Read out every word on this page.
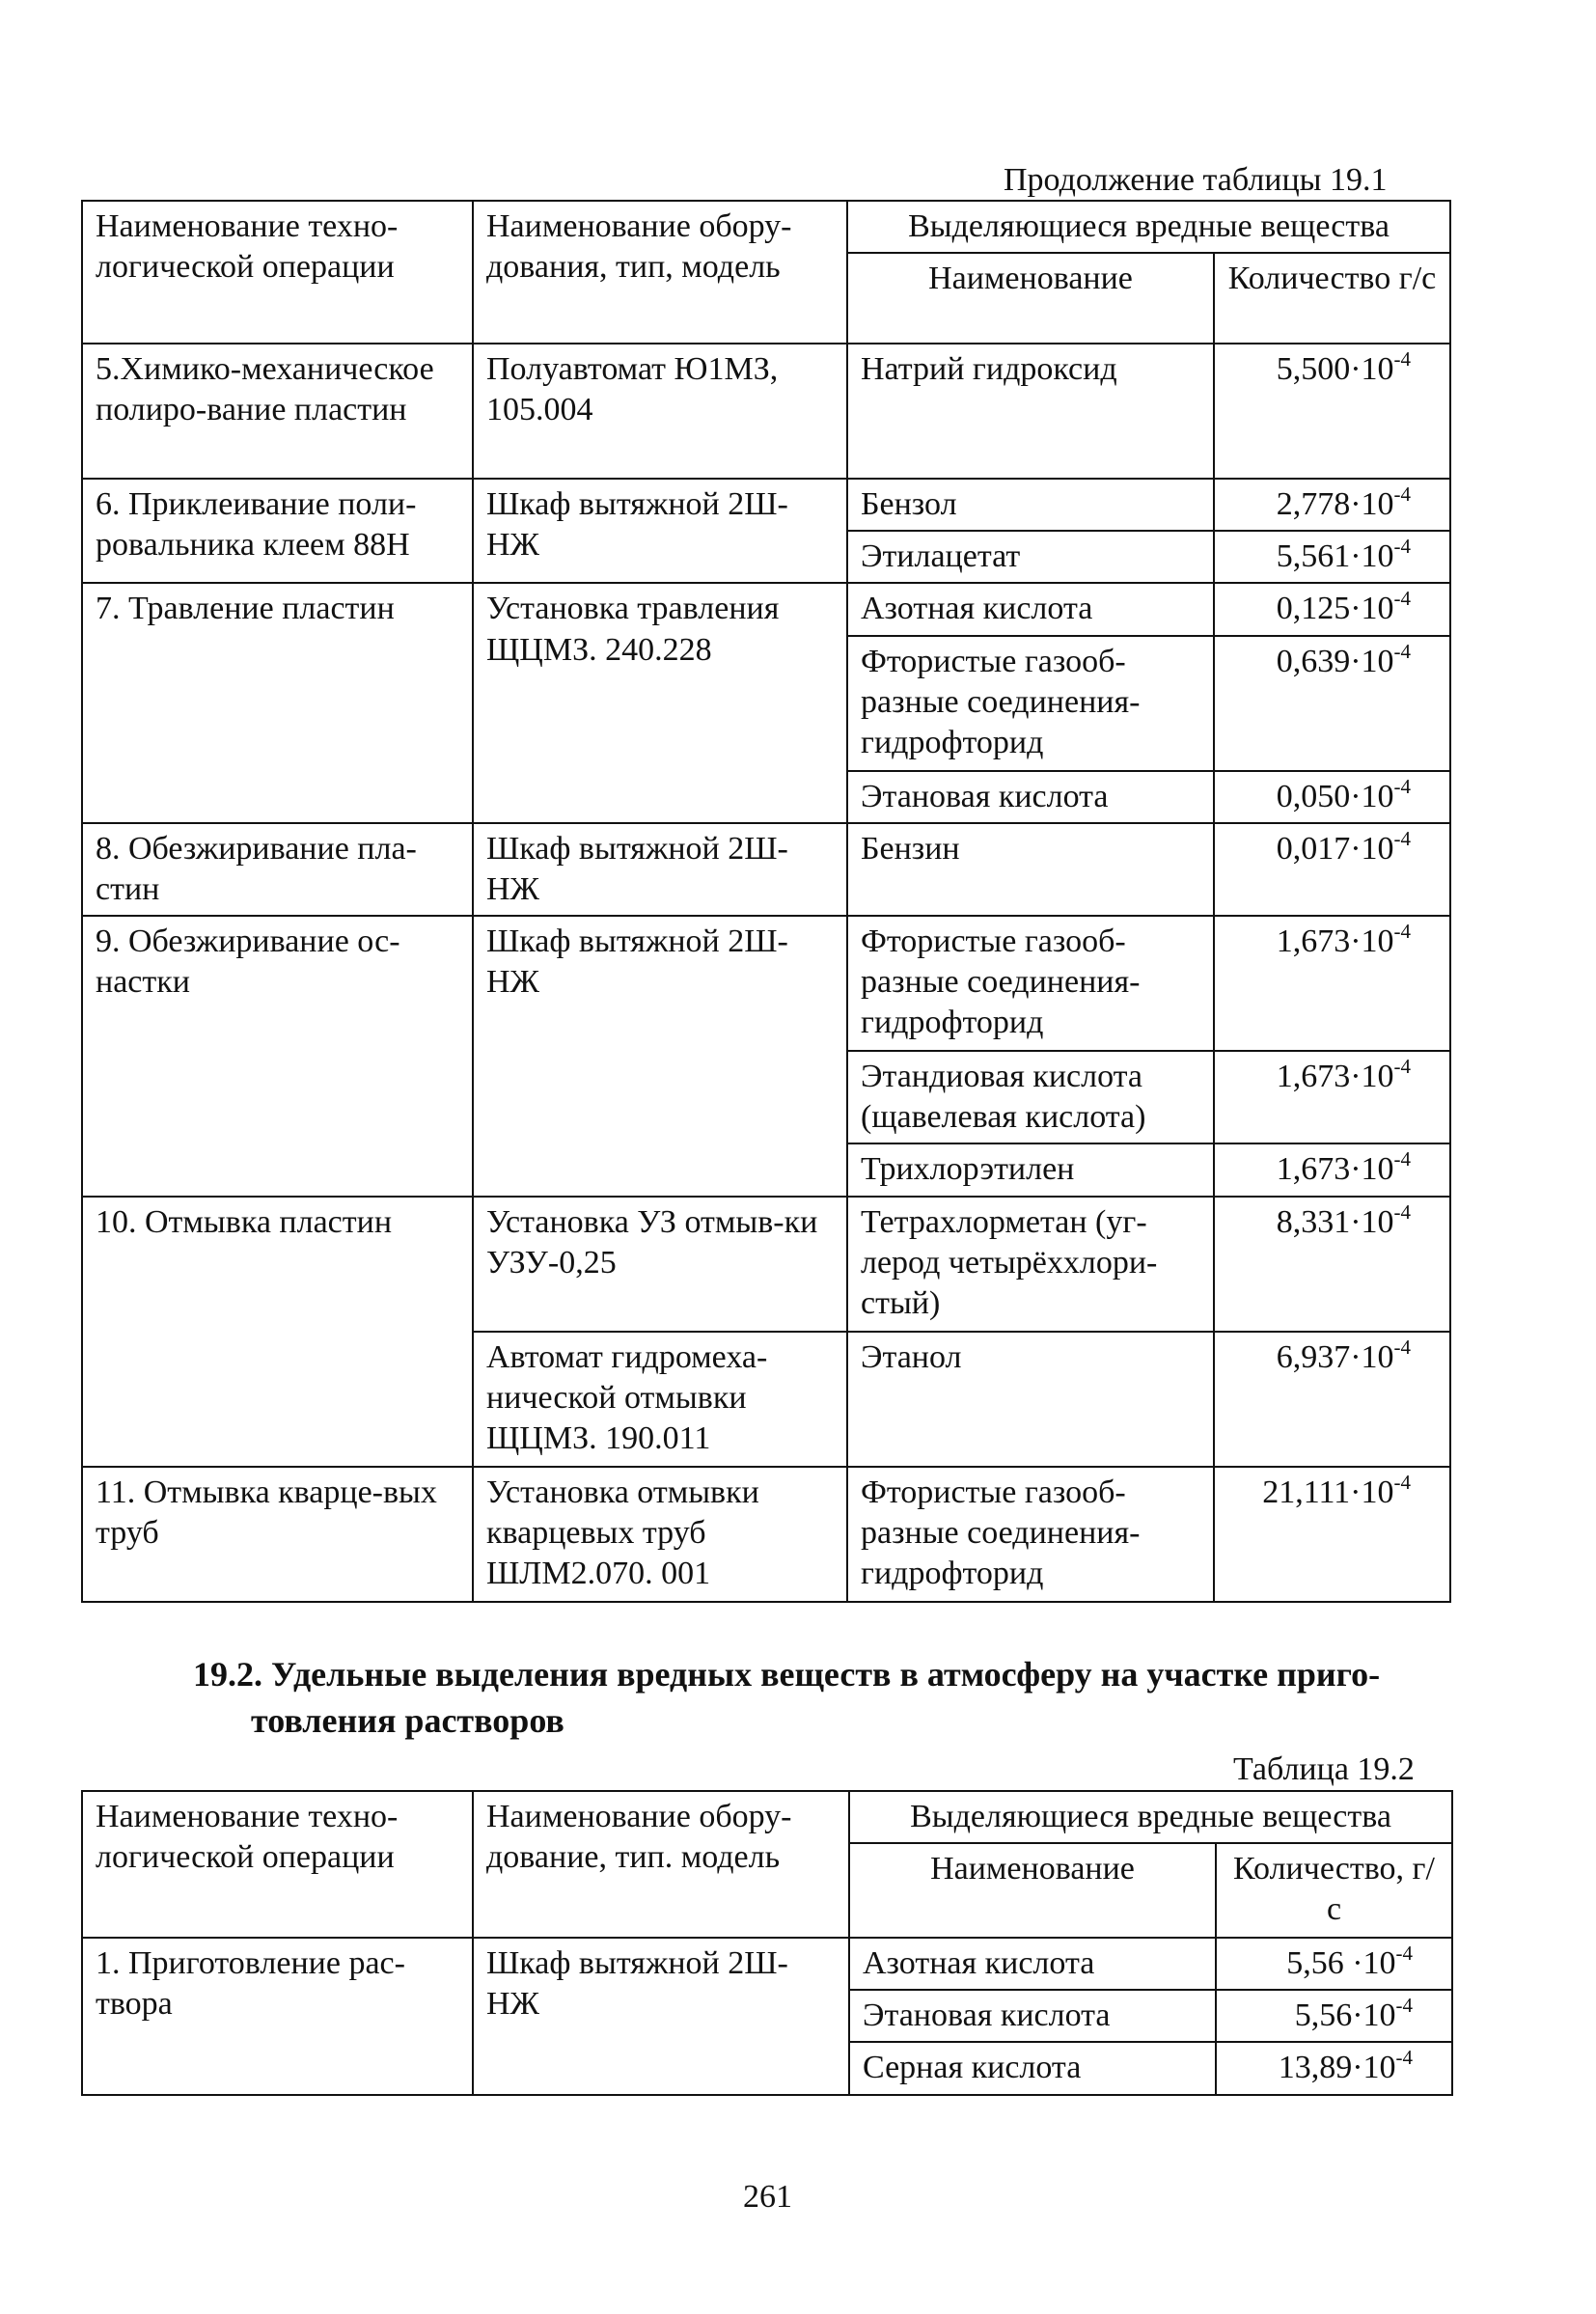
Продолжение таблицы 19.1
Наименование техно-логической операции	Наименование обору-дования, тип, модель	Выделяющиеся вредные вещества	
		Наименование	Количество г/с
5.Химико-механическое полиро-вание пластин	Полуавтомат Ю1МЗ, 105.004	Натрий гидроксид	$5,500\cdot 10^{-4}$
6. Приклеивание поли-ровальника клеем 88Н	Шкаф вытяжной 2Ш-НЖ	Бензол	$2,778\cdot 10^{-4}$
		Этилацетат	$5,561\cdot 10^{-4}$
7. Травление пластин	Установка травления ЩЦМЗ. 240.228	Азотная кислота	$0,125\cdot 10^{-4}$
		Фтористые газооб-разные соединения-гидрофторид	$0,639\cdot 10^{-4}$
		Этановая кислота	$0,050\cdot 10^{-4}$
8. Обезжиривание пла-стин	Шкаф вытяжной 2Ш-НЖ	Бензин	$0,017\cdot 10^{-4}$
9. Обезжиривание ос-настки	Шкаф вытяжной 2Ш-НЖ	Фтористые газооб-разные соединения-гидрофторид	$1,673\cdot 10^{-4}$
		Этандиовая кислота (щавелевая кислота)	$1,673\cdot 10^{-4}$
		Трихлорэтилен	$1,673\cdot 10^{-4}$
10. Отмывка пластин	Установка УЗ отмыв-ки УЗУ-0,25	Тетрахлорметан (уг-лерод четырёххлори-стый)	$8,331\cdot 10^{-4}$
	Автомат гидромеха-нической отмывки ЩЦМЗ. 190.011	Этанол	$6,937\cdot 10^{-4}$
11. Отмывка кварце-вых труб	Установка отмывки кварцевых труб ШЛМ2.070. 001	Фтористые газооб-разные соединения-гидрофторид	$21,111\cdot 10^{-4}$
19.2. Удельные выделения вредных веществ в атмосферу на участке приго-
товления растворов
Таблица 19.2
Наименование техно-логической операции	Наименование обору-дование, тип. модель	Выделяющиеся вредные вещества	
		Наименование	Количество, г/с
1. Приготовление рас-твора	Шкаф вытяжной 2Ш-НЖ	Азотная кислота	$5,56 \cdot 10^{-4}$
		Этановая кислота	$5,56\cdot 10^{-4}$
		Серная кислота	$13,89\cdot 10^{-4}$
261
